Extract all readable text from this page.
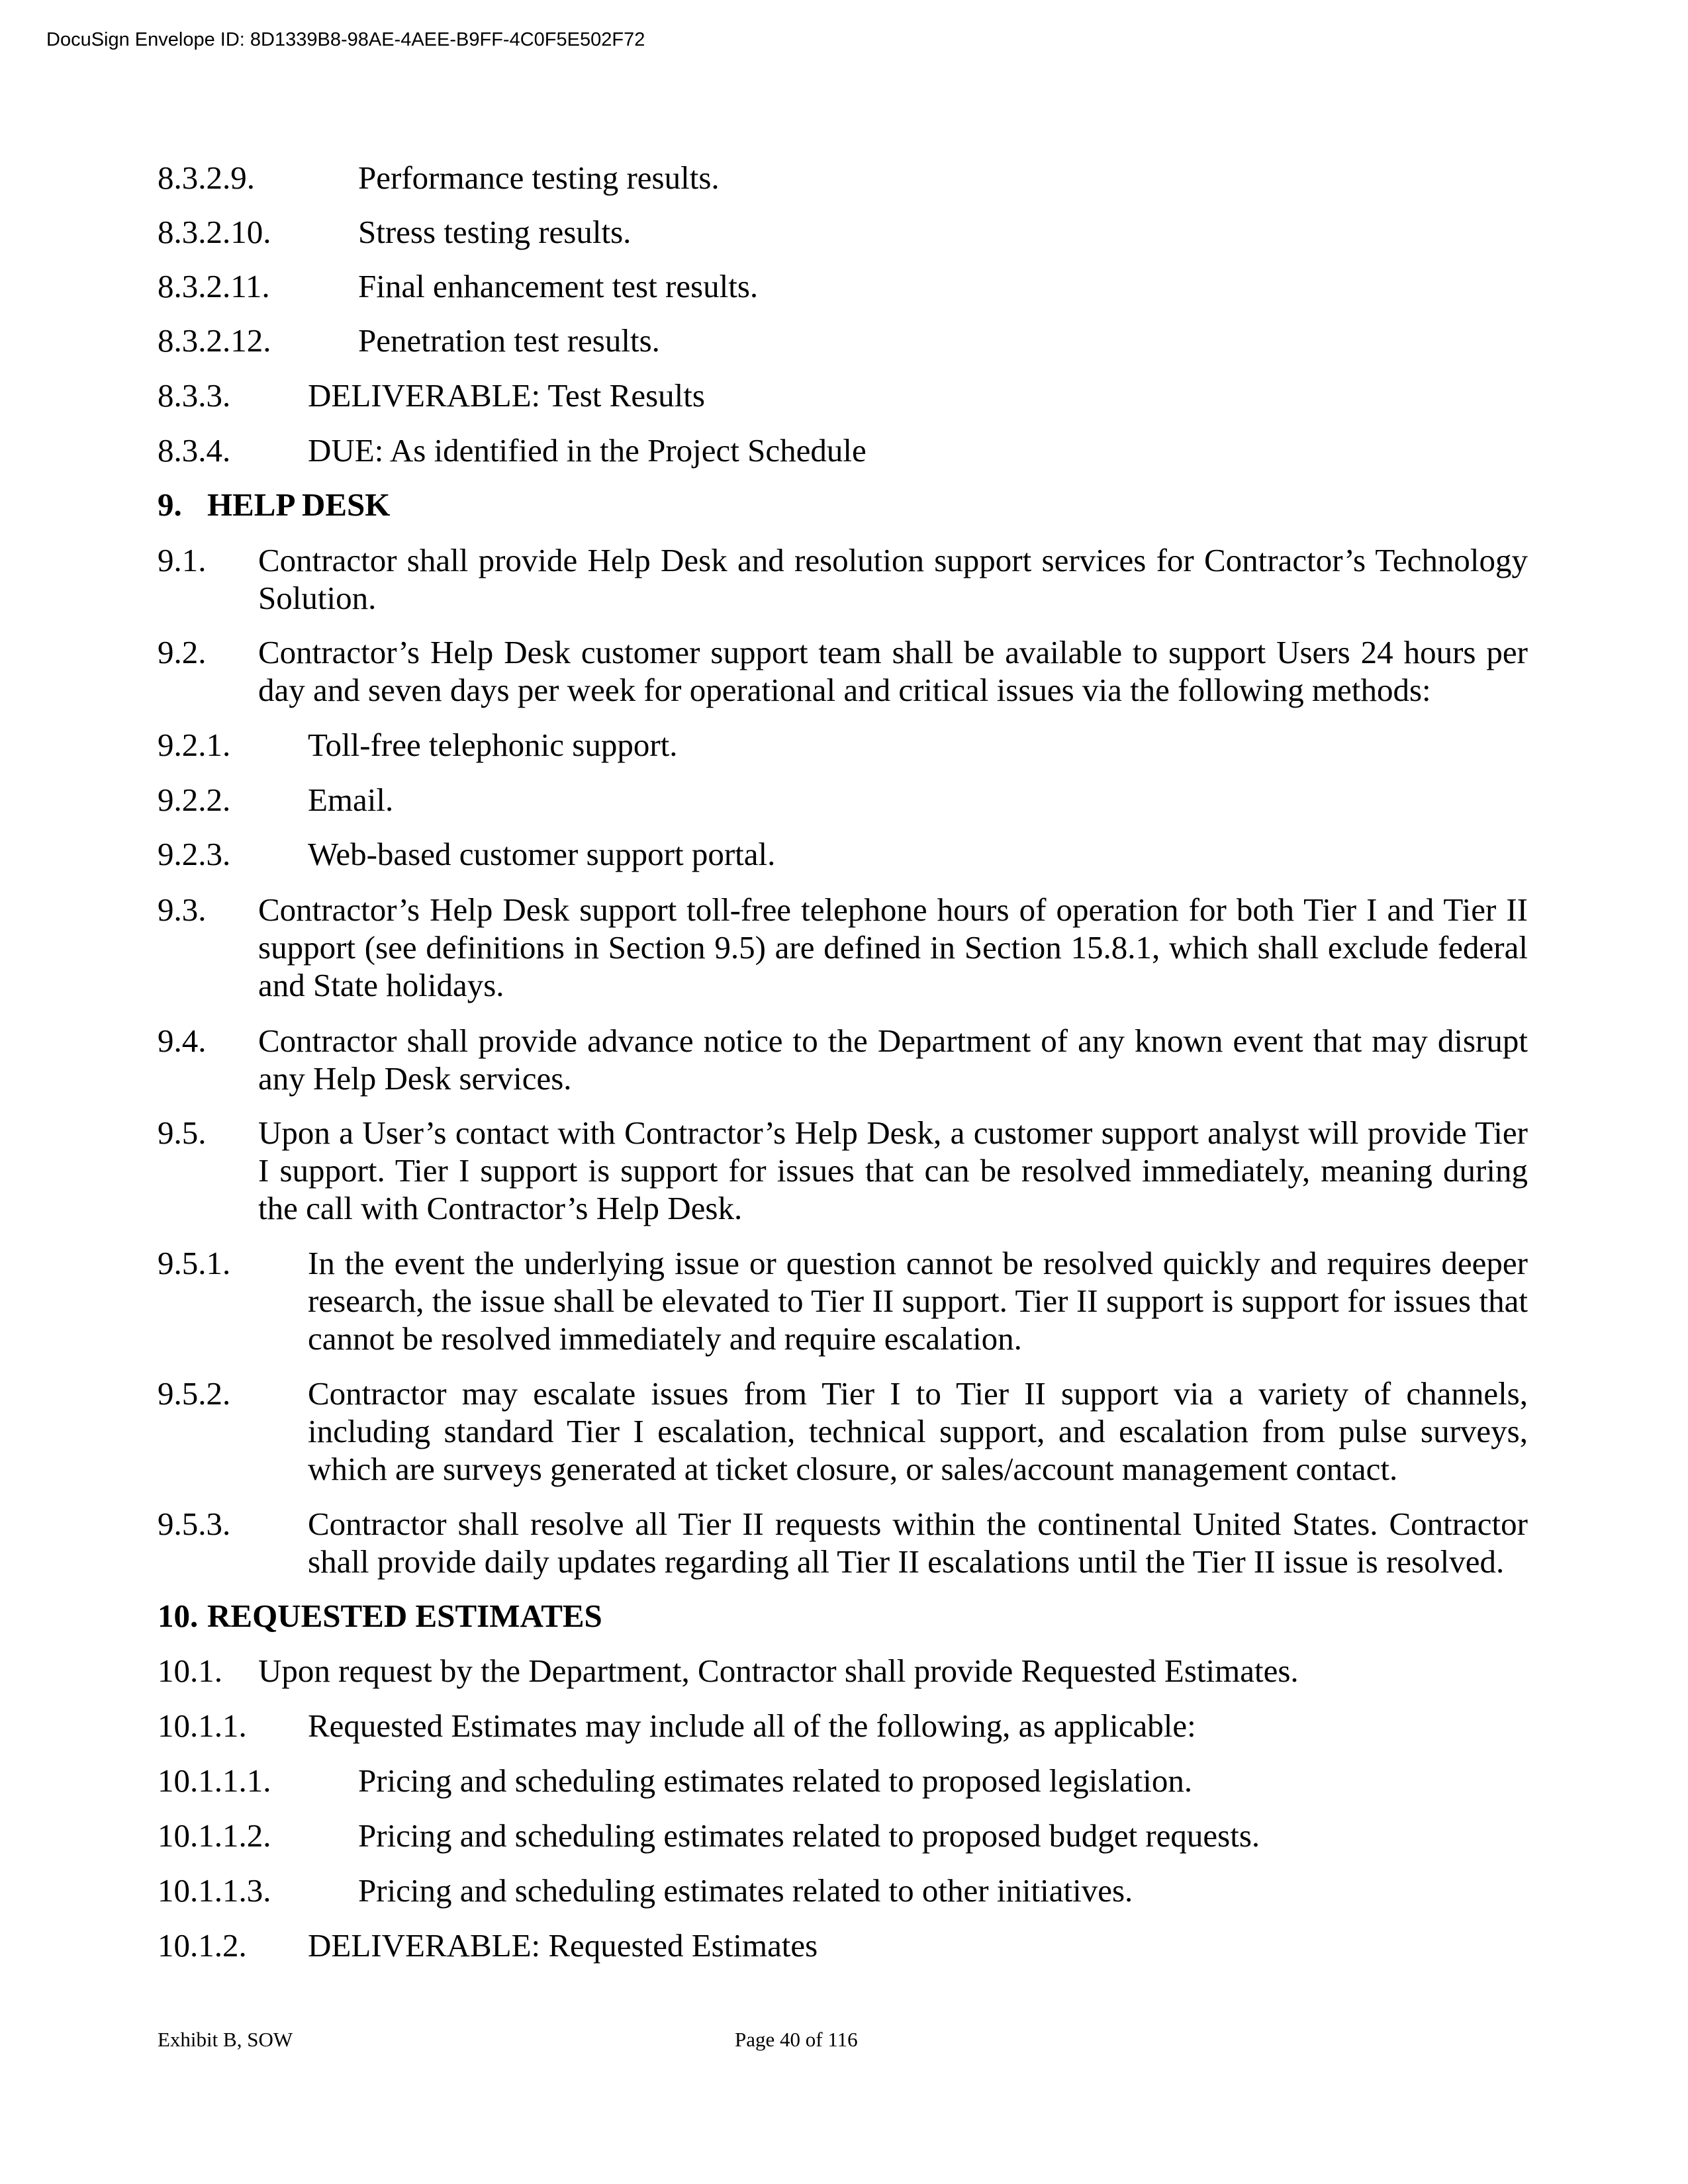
DocuSign Envelope ID: 8D1339B8-98AE-4AEE-B9FF-4C0F5E502F72
8.3.2.9.	Performance testing results.
8.3.2.10.	Stress testing results.
8.3.2.11.	Final enhancement test results.
8.3.2.12.	Penetration test results.
8.3.3. DELIVERABLE: Test Results
8.3.4. DUE: As identified in the Project Schedule
9. HELP DESK
9.1. Contractor shall provide Help Desk and resolution support services for Contractor’s Technology Solution.
9.2. Contractor’s Help Desk customer support team shall be available to support Users 24 hours per day and seven days per week for operational and critical issues via the following methods:
9.2.1. Toll-free telephonic support.
9.2.2. Email.
9.2.3. Web-based customer support portal.
9.3. Contractor’s Help Desk support toll-free telephone hours of operation for both Tier I and Tier II support (see definitions in Section 9.5) are defined in Section 15.8.1, which shall exclude federal and State holidays.
9.4. Contractor shall provide advance notice to the Department of any known event that may disrupt any Help Desk services.
9.5. Upon a User’s contact with Contractor’s Help Desk, a customer support analyst will provide Tier I support. Tier I support is support for issues that can be resolved immediately, meaning during the call with Contractor’s Help Desk.
9.5.1. In the event the underlying issue or question cannot be resolved quickly and requires deeper research, the issue shall be elevated to Tier II support. Tier II support is support for issues that cannot be resolved immediately and require escalation.
9.5.2. Contractor may escalate issues from Tier I to Tier II support via a variety of channels, including standard Tier I escalation, technical support, and escalation from pulse surveys, which are surveys generated at ticket closure, or sales/account management contact.
9.5.3. Contractor shall resolve all Tier II requests within the continental United States. Contractor shall provide daily updates regarding all Tier II escalations until the Tier II issue is resolved.
10. REQUESTED ESTIMATES
10.1. Upon request by the Department, Contractor shall provide Requested Estimates.
10.1.1. Requested Estimates may include all of the following, as applicable:
10.1.1.1.	Pricing and scheduling estimates related to proposed legislation.
10.1.1.2.	Pricing and scheduling estimates related to proposed budget requests.
10.1.1.3.	Pricing and scheduling estimates related to other initiatives.
10.1.2. DELIVERABLE: Requested Estimates
Exhibit B, SOW	Page 40 of 116
